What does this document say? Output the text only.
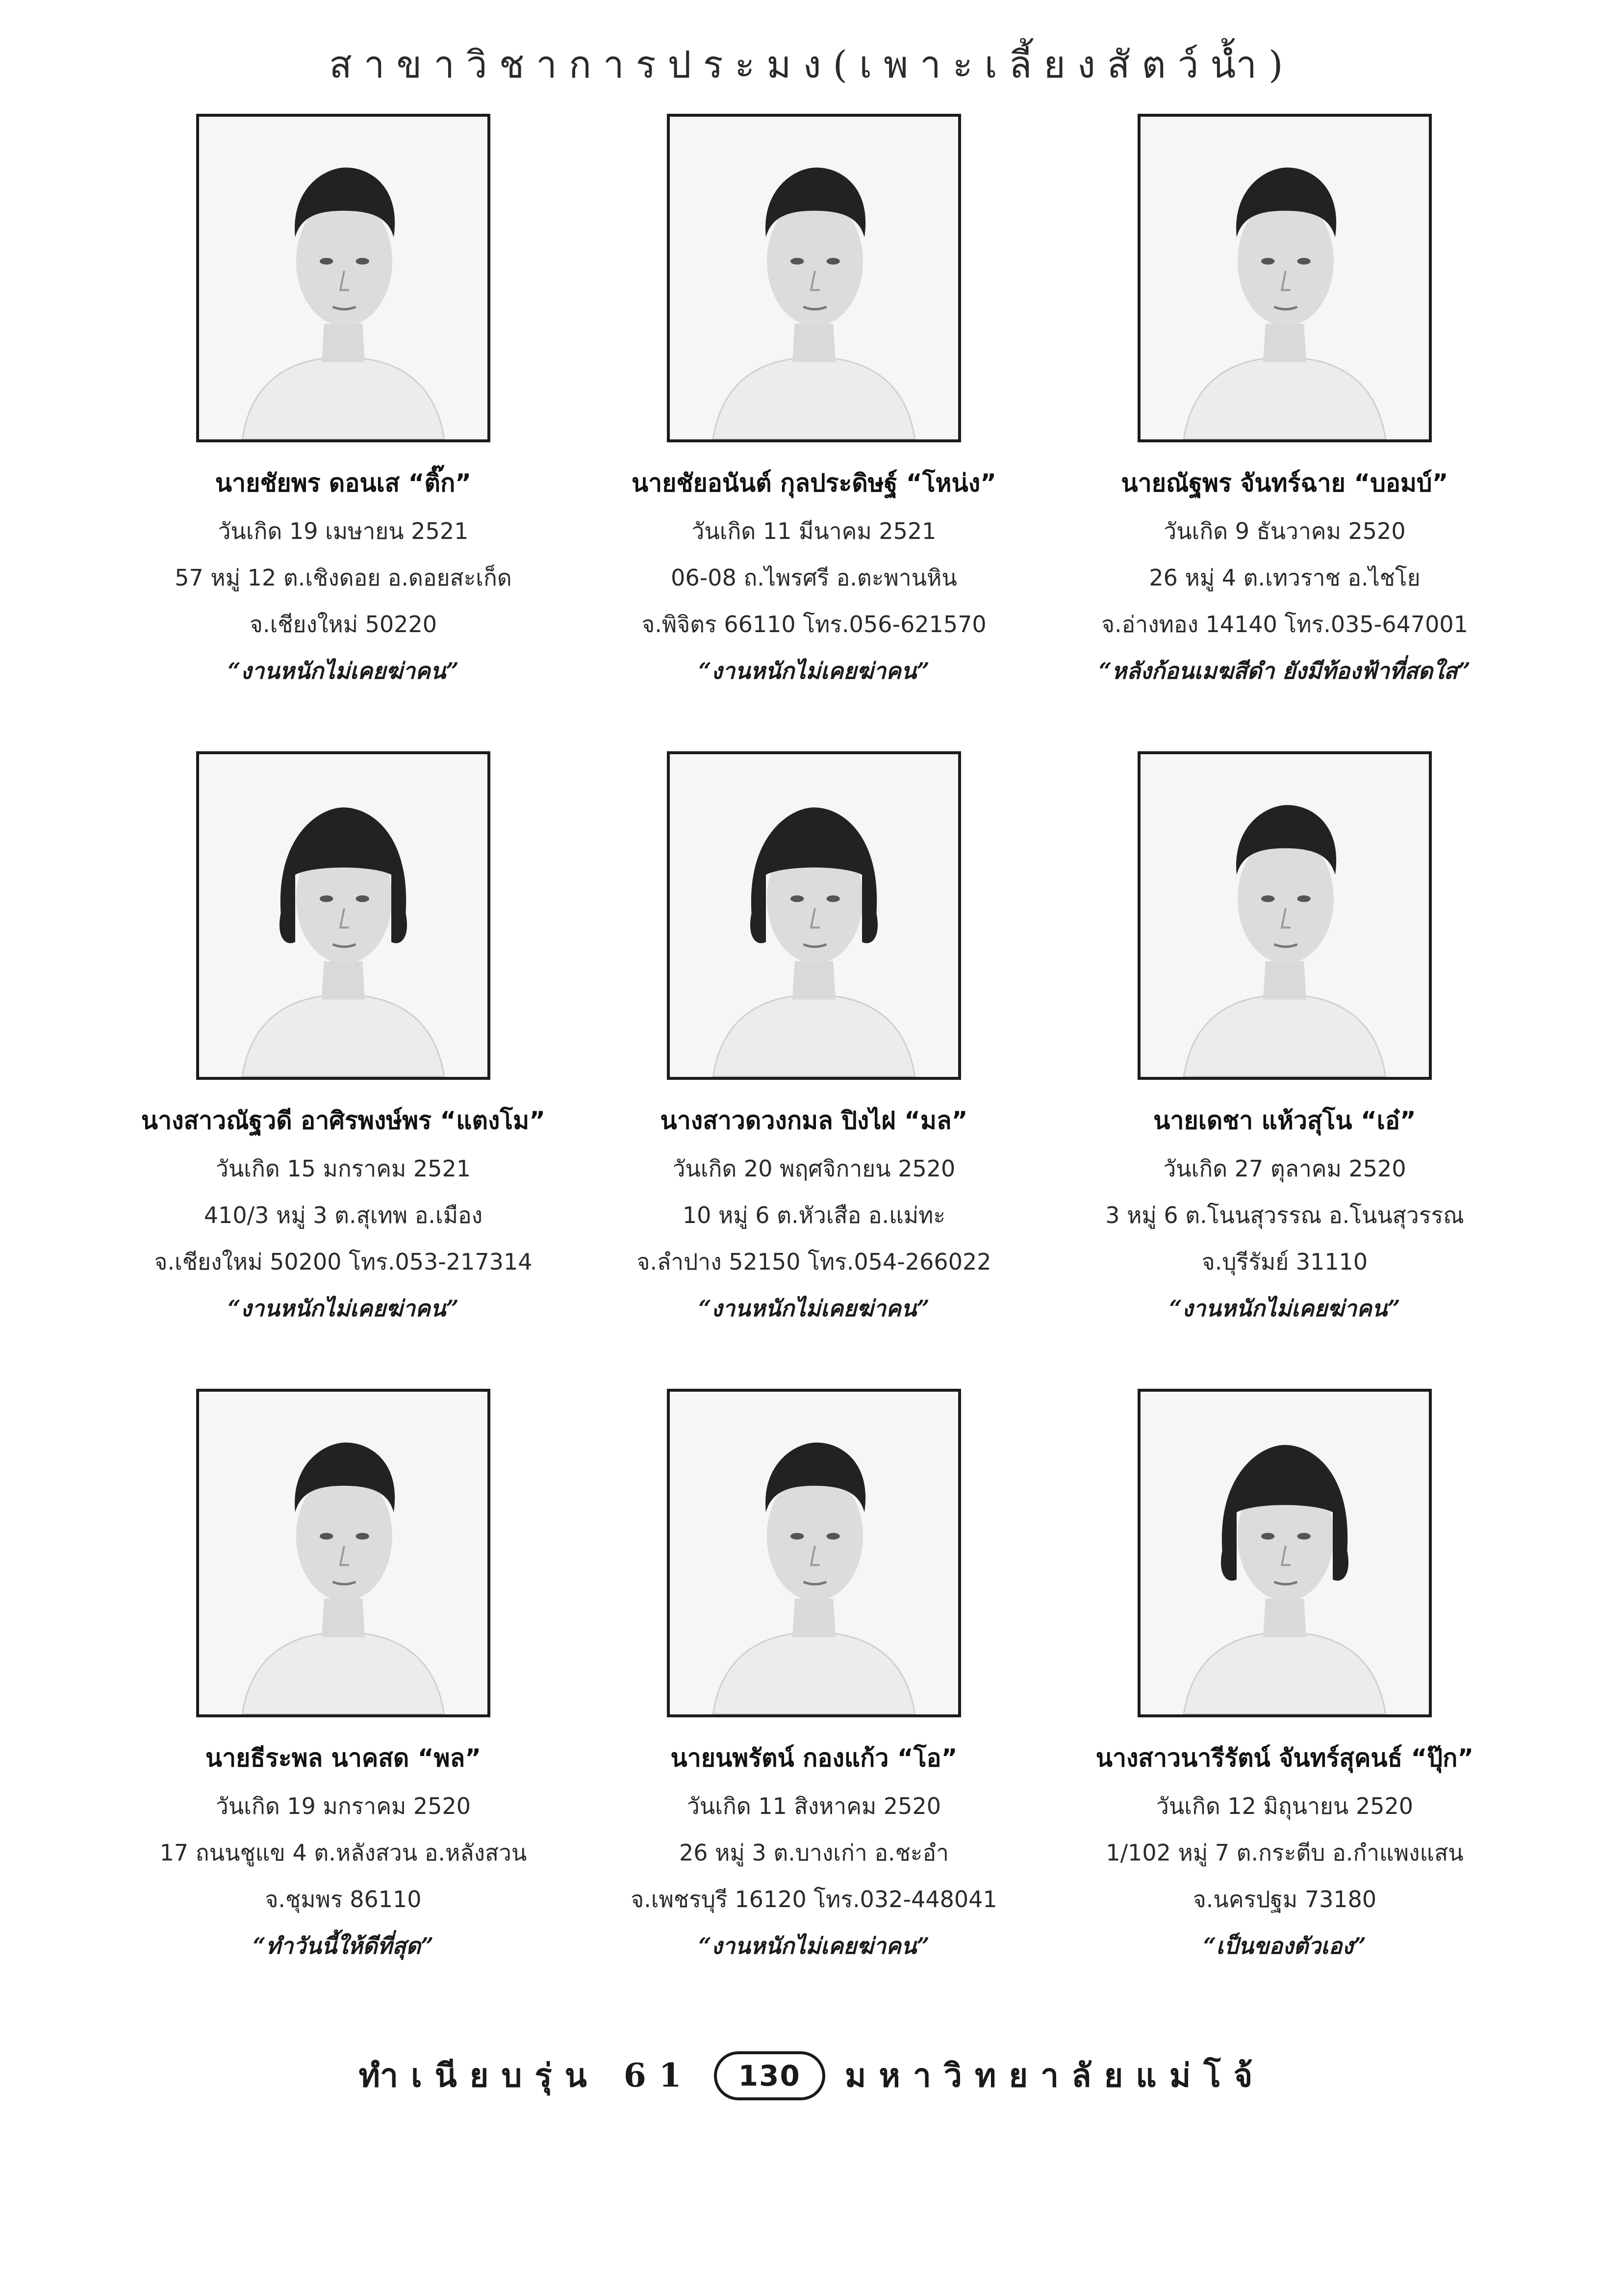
สาขาวิชาการประมง(เพาะเลี้ยงสัตว์น้ำ)
นายชัยพร ดอนเส “ติ๊ก”
วันเกิด 19 เมษายน 2521
57 หมู่ 12 ต.เชิงดอย อ.ดอยสะเก็ด
จ.เชียงใหม่ 50220
“งานหนักไม่เคยฆ่าคน”
นายชัยอนันต์ กุลประดิษฐ์ “โหน่ง”
วันเกิด 11 มีนาคม 2521
06-08 ถ.ไพรศรี อ.ตะพานหิน
จ.พิจิตร 66110 โทร.056-621570
“งานหนักไม่เคยฆ่าคน”
นายณัฐพร จันทร์ฉาย “บอมบ์”
วันเกิด 9 ธันวาคม 2520
26 หมู่ 4 ต.เทวราช อ.ไชโย
จ.อ่างทอง 14140 โทร.035-647001
“หลังก้อนเมฆสีดำ ยังมีท้องฟ้าที่สดใส”
นางสาวณัฐวดี อาศิรพงษ์พร “แตงโม”
วันเกิด 15 มกราคม 2521
410/3 หมู่ 3 ต.สุเทพ อ.เมือง
จ.เชียงใหม่ 50200 โทร.053-217314
“งานหนักไม่เคยฆ่าคน”
นางสาวดวงกมล ปิงไฝ “มล”
วันเกิด 20 พฤศจิกายน 2520
10 หมู่ 6 ต.หัวเสือ อ.แม่ทะ
จ.ลำปาง 52150 โทร.054-266022
“งานหนักไม่เคยฆ่าคน”
นายเดชา แห้วสุโน “เอ๋”
วันเกิด 27 ตุลาคม 2520
3 หมู่ 6 ต.โนนสุวรรณ อ.โนนสุวรรณ
จ.บุรีรัมย์ 31110
“งานหนักไม่เคยฆ่าคน”
นายธีระพล นาคสด “พล”
วันเกิด 19 มกราคม 2520
17 ถนนชูแข 4 ต.หลังสวน อ.หลังสวน
จ.ชุมพร 86110
“ทำวันนี้ให้ดีที่สุด”
นายนพรัตน์ กองแก้ว “โอ”
วันเกิด 11 สิงหาคม 2520
26 หมู่ 3 ต.บางเก่า อ.ชะอำ
จ.เพชรบุรี 16120 โทร.032-448041
“งานหนักไม่เคยฆ่าคน”
นางสาวนารีรัตน์ จันทร์สุคนธ์ “ปุ๊ก”
วันเกิด 12 มิถุนายน 2520
1/102 หมู่ 7 ต.กระตีบ อ.กำแพงแสน
จ.นครปฐม 73180
“เป็นของตัวเอง”
ทำเนียบรุ่น 61	130	มหาวิทยาลัยแม่โจ้
